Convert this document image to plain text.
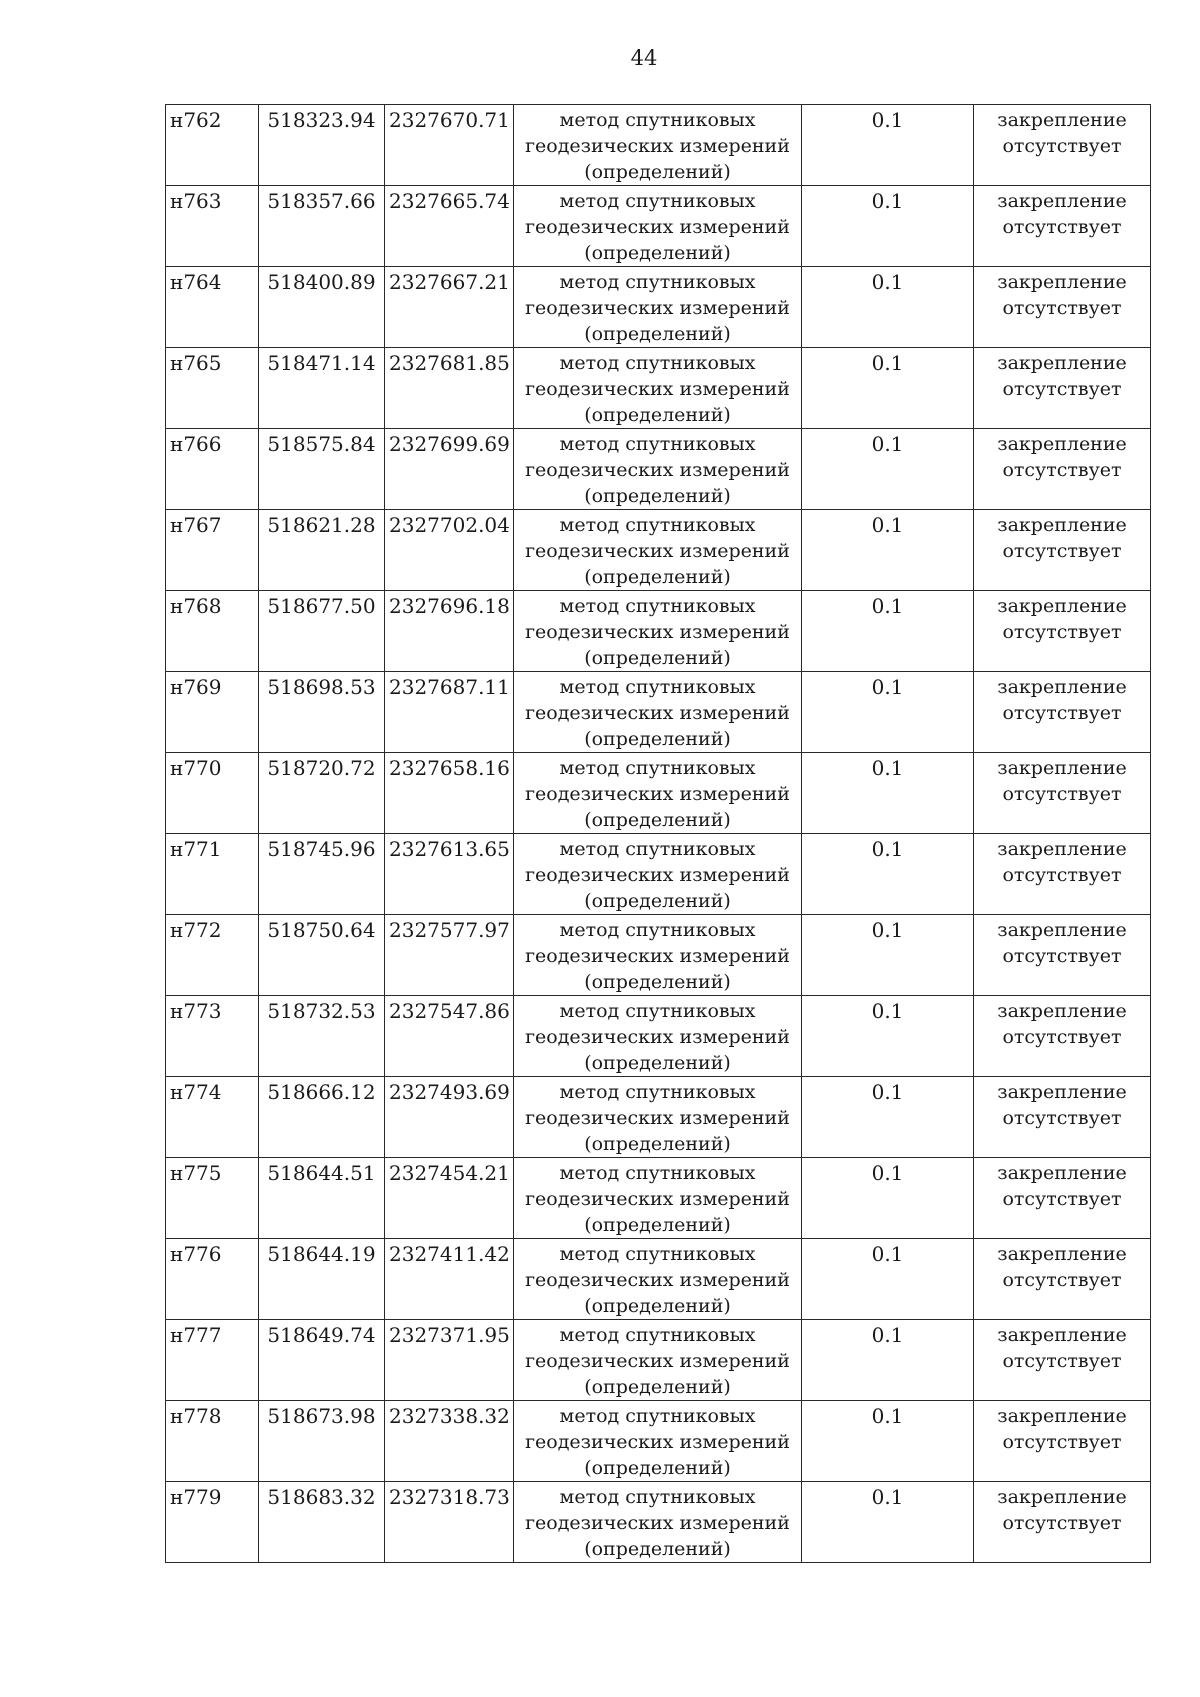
44
н762	518323.94	2327670.71	метод спутниковых
геодезических измерений
(определений)	0.1	закрепление
отсутствует

н763	518357.66	2327665.74	метод спутниковых
геодезических измерений
(определений)	0.1	закрепление
отсутствует

н764	518400.89	2327667.21	метод спутниковых
геодезических измерений
(определений)	0.1	закрепление
отсутствует

н765	518471.14	2327681.85	метод спутниковых
геодезических измерений
(определений)	0.1	закрепление
отсутствует

н766	518575.84	2327699.69	метод спутниковых
геодезических измерений
(определений)	0.1	закрепление
отсутствует

н767	518621.28	2327702.04	метод спутниковых
геодезических измерений
(определений)	0.1	закрепление
отсутствует

н768	518677.50	2327696.18	метод спутниковых
геодезических измерений
(определений)	0.1	закрепление
отсутствует

н769	518698.53	2327687.11	метод спутниковых
геодезических измерений
(определений)	0.1	закрепление
отсутствует

н770	518720.72	2327658.16	метод спутниковых
геодезических измерений
(определений)	0.1	закрепление
отсутствует

н771	518745.96	2327613.65	метод спутниковых
геодезических измерений
(определений)	0.1	закрепление
отсутствует

н772	518750.64	2327577.97	метод спутниковых
геодезических измерений
(определений)	0.1	закрепление
отсутствует

н773	518732.53	2327547.86	метод спутниковых
геодезических измерений
(определений)	0.1	закрепление
отсутствует

н774	518666.12	2327493.69	метод спутниковых
геодезических измерений
(определений)	0.1	закрепление
отсутствует

н775	518644.51	2327454.21	метод спутниковых
геодезических измерений
(определений)	0.1	закрепление
отсутствует

н776	518644.19	2327411.42	метод спутниковых
геодезических измерений
(определений)	0.1	закрепление
отсутствует

н777	518649.74	2327371.95	метод спутниковых
геодезических измерений
(определений)	0.1	закрепление
отсутствует

н778	518673.98	2327338.32	метод спутниковых
геодезических измерений
(определений)	0.1	закрепление
отсутствует

н779	518683.32	2327318.73	метод спутниковых
геодезических измерений
(определений)	0.1	закрепление
отсутствует
